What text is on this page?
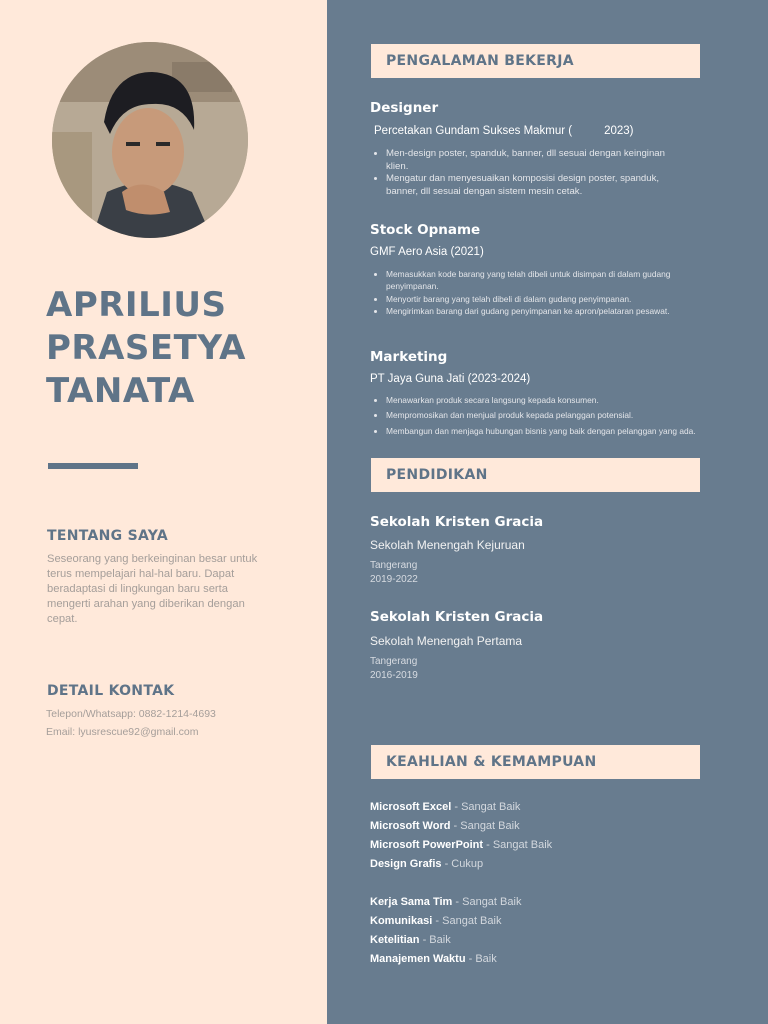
APRILIUS
PRASETYA
TANATA
TENTANG SAYA
Seseorang yang berkeinginan besar untuk terus mempelajari hal-hal baru. Dapat beradaptasi di lingkungan baru serta mengerti arahan yang diberikan dengan cepat.
DETAIL KONTAK
Telepon/Whatsapp: 0882-1214-4693
Email: lyusrescue92@gmail.com
PENGALAMAN BEKERJA
Designer
Percetakan Gundam Sukses Makmur (          2023)
• Men-design poster, spanduk, banner, dll sesuai dengan keinginan klien.
• Mengatur dan menyesuaikan komposisi design poster, spanduk, banner, dll sesuai dengan sistem mesin cetak.
Stock Opname
GMF Aero Asia (2021)
• Memasukkan kode barang yang telah dibeli untuk disimpan di dalam gudang penyimpanan.
• Menyortir barang yang telah dibeli di dalam gudang penyimpanan.
• Mengirimkan barang dari gudang penyimpanan ke apron/pelataran pesawat.
Marketing
PT Jaya Guna Jati (2023-2024)
• Menawarkan produk secara langsung kepada konsumen.
• Mempromosikan dan menjual produk kepada pelanggan potensial.
• Membangun dan menjaga hubungan bisnis yang baik dengan pelanggan yang ada.
PENDIDIKAN
Sekolah Kristen Gracia
Sekolah Menengah Kejuruan
Tangerang
2019-2022
Sekolah Kristen Gracia
Sekolah Menengah Pertama
Tangerang
2016-2019
KEAHLIAN & KEMAMPUAN
Microsoft Excel - Sangat Baik
Microsoft Word - Sangat Baik
Microsoft PowerPoint - Sangat Baik
Design Grafis - Cukup
Kerja Sama Tim - Sangat Baik
Komunikasi - Sangat Baik
Ketelitian - Baik
Manajemen Waktu - Baik
